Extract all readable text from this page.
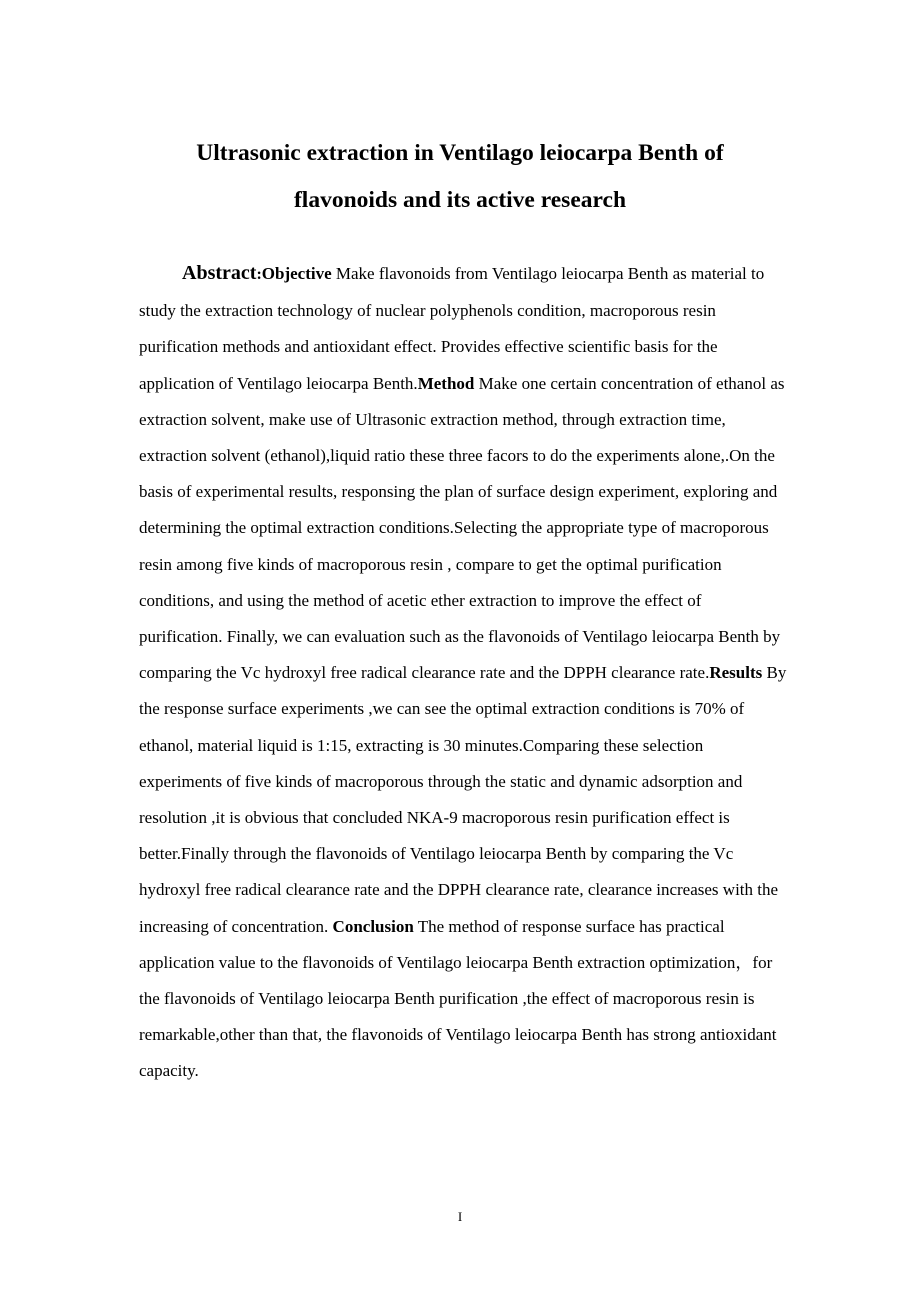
Ultrasonic extraction in Ventilago leiocarpa Benth of
flavonoids and its active research

Abstract:Objective Make flavonoids from Ventilago leiocarpa Benth as material to study the extraction technology of nuclear polyphenols condition, macroporous resin purification methods and antioxidant effect. Provides effective scientific basis for the application of Ventilago leiocarpa Benth.Method Make one certain concentration of ethanol as extraction solvent, make use of Ultrasonic extraction method, through extraction time, extraction solvent (ethanol),liquid ratio these three facors to do the experiments alone,.On the basis of experimental results, responsing the plan of surface design experiment, exploring and determining the optimal extraction conditions.Selecting the appropriate type of macroporous resin among five kinds of macroporous resin , compare to get the optimal purification conditions, and using the method of acetic ether extraction to improve the effect of purification. Finally, we can evaluation such as the flavonoids of Ventilago leiocarpa Benth by comparing the Vc hydroxyl free radical clearance rate and the DPPH clearance rate.Results By the response surface experiments ,we can see the optimal extraction conditions is 70% of ethanol, material liquid is 1:15, extracting is 30 minutes.Comparing these selection experiments of five kinds of macroporous through the static and dynamic adsorption and resolution ,it is obvious that concluded NKA-9 macroporous resin purification effect is better.Finally through the flavonoids of Ventilago leiocarpa Benth by comparing the Vc hydroxyl free radical clearance rate and the DPPH clearance rate, clearance increases with the increasing of concentration. Conclusion The method of response surface has practical application value to the flavonoids of Ventilago leiocarpa Benth extraction optimization，for the flavonoids of Ventilago leiocarpa Benth purification ,the effect of macroporous resin is remarkable,other than that, the flavonoids of Ventilago leiocarpa Benth has strong antioxidant capacity.

I
